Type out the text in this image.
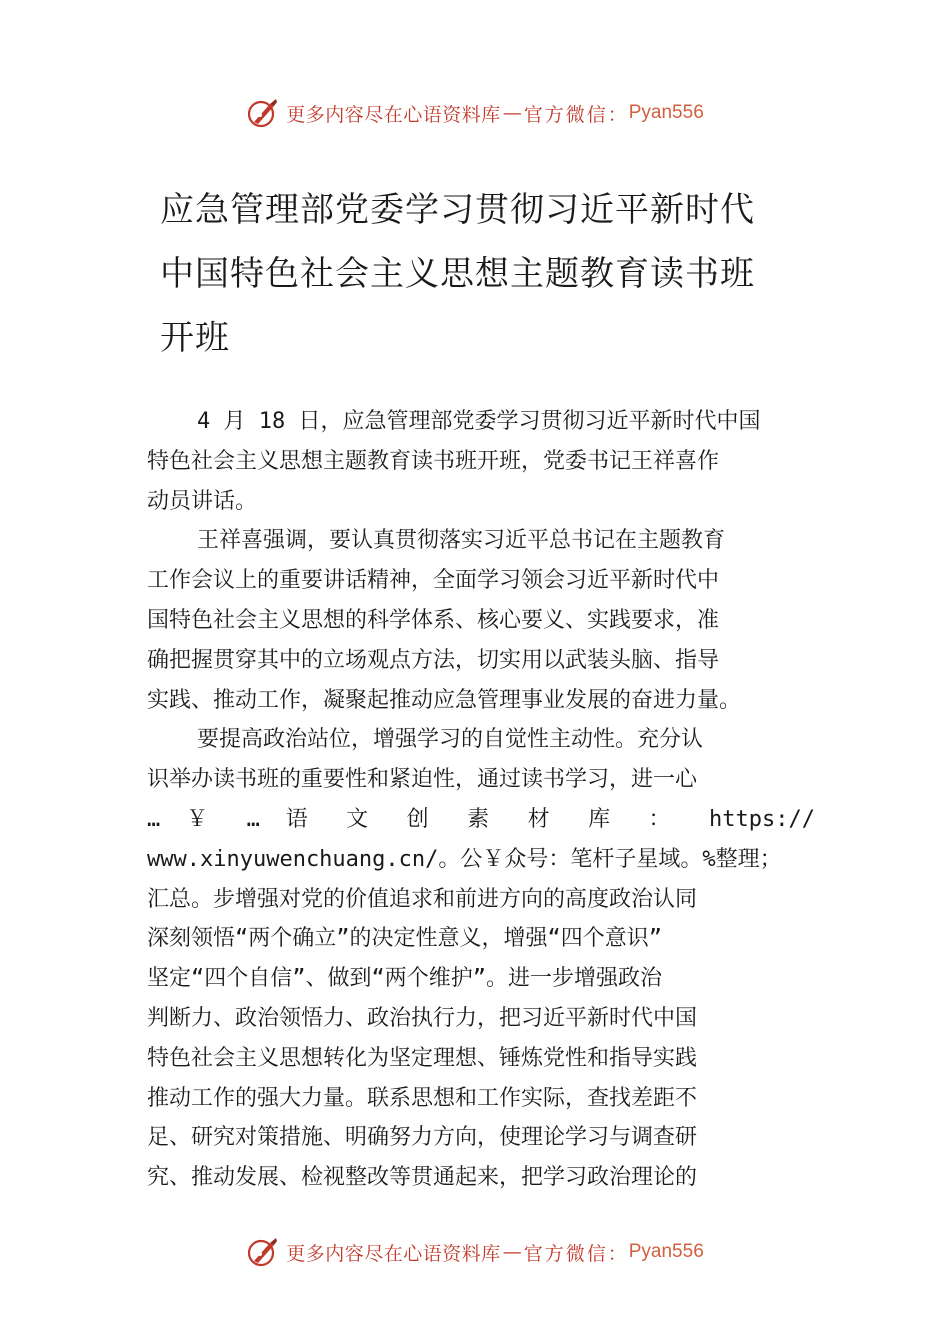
更多内容尽在心语资料库 — 官方微信： Pyan556
应急管理部党委学习贯彻习近平新时代
中国特色社会主义思想主题教育读书班
开班
4 月 18 日，应急管理部党委学习贯彻习近平新时代中国
特色社会主义思想主题教育读书班开班，党委书记王祥喜作
动员讲话。
王祥喜强调，要认真贯彻落实习近平总书记在主题教育
工作会议上的重要讲话精神，全面学习领会习近平新时代中
国特色社会主义思想的科学体系、核心要义、实践要求，准
确把握贯穿其中的立场观点方法，切实用以武装头脑、指导
实践、推动工作，凝聚起推动应急管理事业发展的奋进力量。
要提高政治站位，增强学习的自觉性主动性。充分认
识举办读书班的重要性和紧迫性，通过读书学习，进一心
… ￥ … 语 文 创 素 材 库 ： https://
www.xinyuwenchuang.cn/。公￥众号：笔杆子星域。%整理；
汇总。步增强对党的价值追求和前进方向的高度政治认同
深刻领悟“两个确立”的决定性意义，增强“四个意识”
坚定“四个自信”、做到“两个维护”。进一步增强政治
判断力、政治领悟力、政治执行力，把习近平新时代中国
特色社会主义思想转化为坚定理想、锤炼党性和指导实践
推动工作的强大力量。联系思想和工作实际，查找差距不
足、研究对策措施、明确努力方向，使理论学习与调查研
究、推动发展、检视整改等贯通起来，把学习政治理论的
更多内容尽在心语资料库 — 官方微信： Pyan556
